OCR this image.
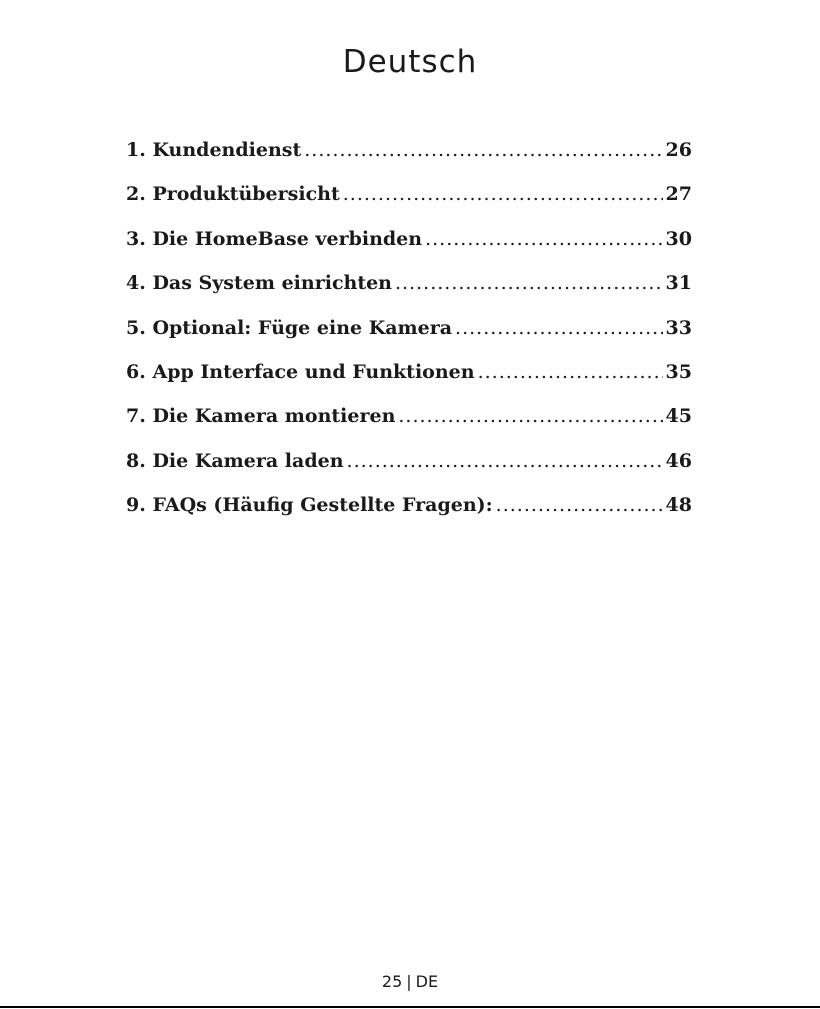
Deutsch
1. Kundendienst .....	26
2. Produktübersicht .....	27
3. Die HomeBase verbinden .....	30
4. Das System einrichten .....	31
5. Optional: Füge eine Kamera .....	33
6. App Interface und Funktionen .....	35
7. Die Kamera montieren .....	45
8. Die Kamera laden .....	46
9. FAQs (Häufig Gestellte Fragen): .....	48
25 | DE
